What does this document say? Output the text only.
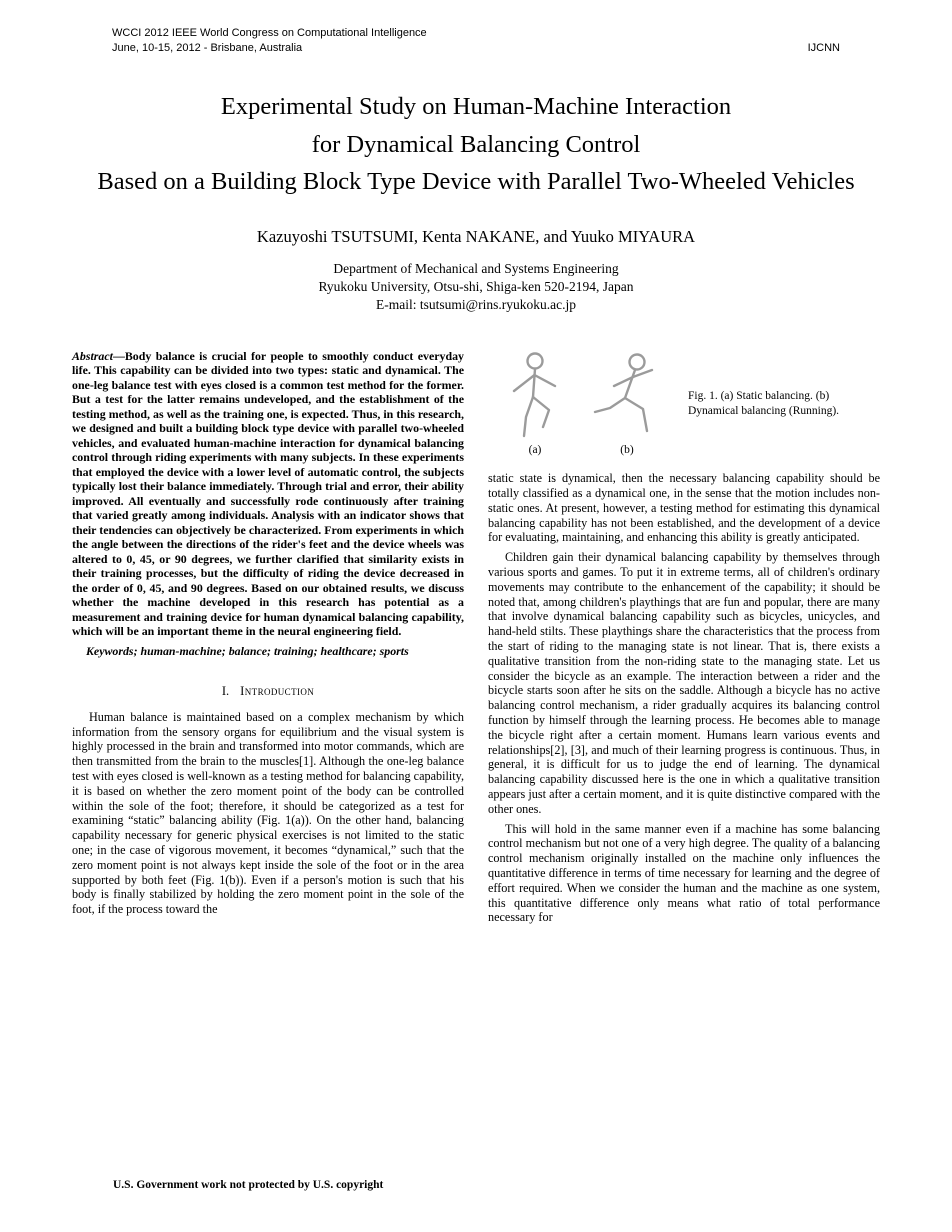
WCCI 2012 IEEE World Congress on Computational Intelligence
June, 10-15, 2012 - Brisbane, Australia	IJCNN
Experimental Study on Human-Machine Interaction
for Dynamical Balancing Control
Based on a Building Block Type Device with Parallel Two-Wheeled Vehicles
Kazuyoshi TSUTSUMI, Kenta NAKANE, and Yuuko MIYAURA
Department of Mechanical and Systems Engineering
Ryukoku University, Otsu-shi, Shiga-ken 520-2194, Japan
E-mail: tsutsumi@rins.ryukoku.ac.jp

Abstract—Body balance is crucial for people to smoothly conduct everyday life. This capability can be divided into two types: static and dynamical. The one-leg balance test with eyes closed is a common test method for the former. But a test for the latter remains undeveloped, and the establishment of the testing method, as well as the training one, is expected. Thus, in this research, we designed and built a building block type device with parallel two-wheeled vehicles, and evaluated human-machine interaction for dynamical balancing control through riding experiments with many subjects. In these experiments that employed the device with a lower level of automatic control, the subjects typically lost their balance immediately. Through trial and error, their ability improved. All eventually and successfully rode continuously after training that varied greatly among individuals. Analysis with an indicator shows that their tendencies can objectively be characterized. From experiments in which the angle between the directions of the rider's feet and the device wheels was altered to 0, 45, or 90 degrees, we further clarified that similarity exists in their training processes, but the difficulty of riding the device decreased in the order of 0, 45, and 90 degrees. Based on our obtained results, we discuss whether the machine developed in this research has potential as a measurement and training device for human dynamical balancing capability, which will be an important theme in the neural engineering field.

Keywords; human-machine; balance; training; healthcare; sports

I. Introduction

Human balance is maintained based on a complex mechanism by which information from the sensory organs for equilibrium and the visual system is highly processed in the brain and transformed into motor commands, which are then transmitted from the brain to the muscles[1]. Although the one-leg balance test with eyes closed is well-known as a testing method for balancing capability, it is based on whether the zero moment point of the body can be controlled within the sole of the foot; therefore, it should be categorized as a test for examining “static” balancing ability (Fig. 1(a)). On the other hand, balancing capability necessary for generic physical exercises is not limited to the static one; in the case of vigorous movement, it becomes “dynamical,” such that the zero moment point is not always kept inside the sole of the foot or in the area supported by both feet (Fig. 1(b)). Even if a person's motion is such that his body is finally stabilized by holding the zero moment point in the sole of the foot, if the process toward the

(a)	(b)
Fig. 1. (a) Static balancing. (b) Dynamical balancing (Running).

static state is dynamical, then the necessary balancing capability should be totally classified as a dynamical one, in the sense that the motion includes non-static ones. At present, however, a testing method for estimating this dynamical balancing capability has not been established, and the development of a device for evaluating, maintaining, and enhancing this ability is greatly anticipated.

Children gain their dynamical balancing capability by themselves through various sports and games. To put it in extreme terms, all of children's ordinary movements may contribute to the enhancement of the capability; it should be noted that, among children's playthings that are fun and popular, there are many that involve dynamical balancing capability such as bicycles, unicycles, and hand-held stilts. These playthings share the characteristics that the process from the start of riding to the managing state is not linear. That is, there exists a qualitative transition from the non-riding state to the managing state. Let us consider the bicycle as an example. The interaction between a rider and the bicycle starts soon after he sits on the saddle. Although a bicycle has no active balancing control mechanism, a rider gradually acquires its balancing control function by himself through the learning process. He becomes able to manage the bicycle right after a certain moment. Humans learn various events and relationships[2], [3], and much of their learning progress is continuous. Thus, in general, it is difficult for us to judge the end of learning. The dynamical balancing capability discussed here is the one in which a qualitative transition appears just after a certain moment, and it is quite distinctive compared with the other ones.

This will hold in the same manner even if a machine has some balancing control mechanism but not one of a very high degree. The quality of a balancing control mechanism originally installed on the machine only influences the quantitative difference in terms of time necessary for learning and the degree of effort required. When we consider the human and the machine as one system, this quantitative difference only means what ratio of total performance necessary for

U.S. Government work not protected by U.S. copyright
